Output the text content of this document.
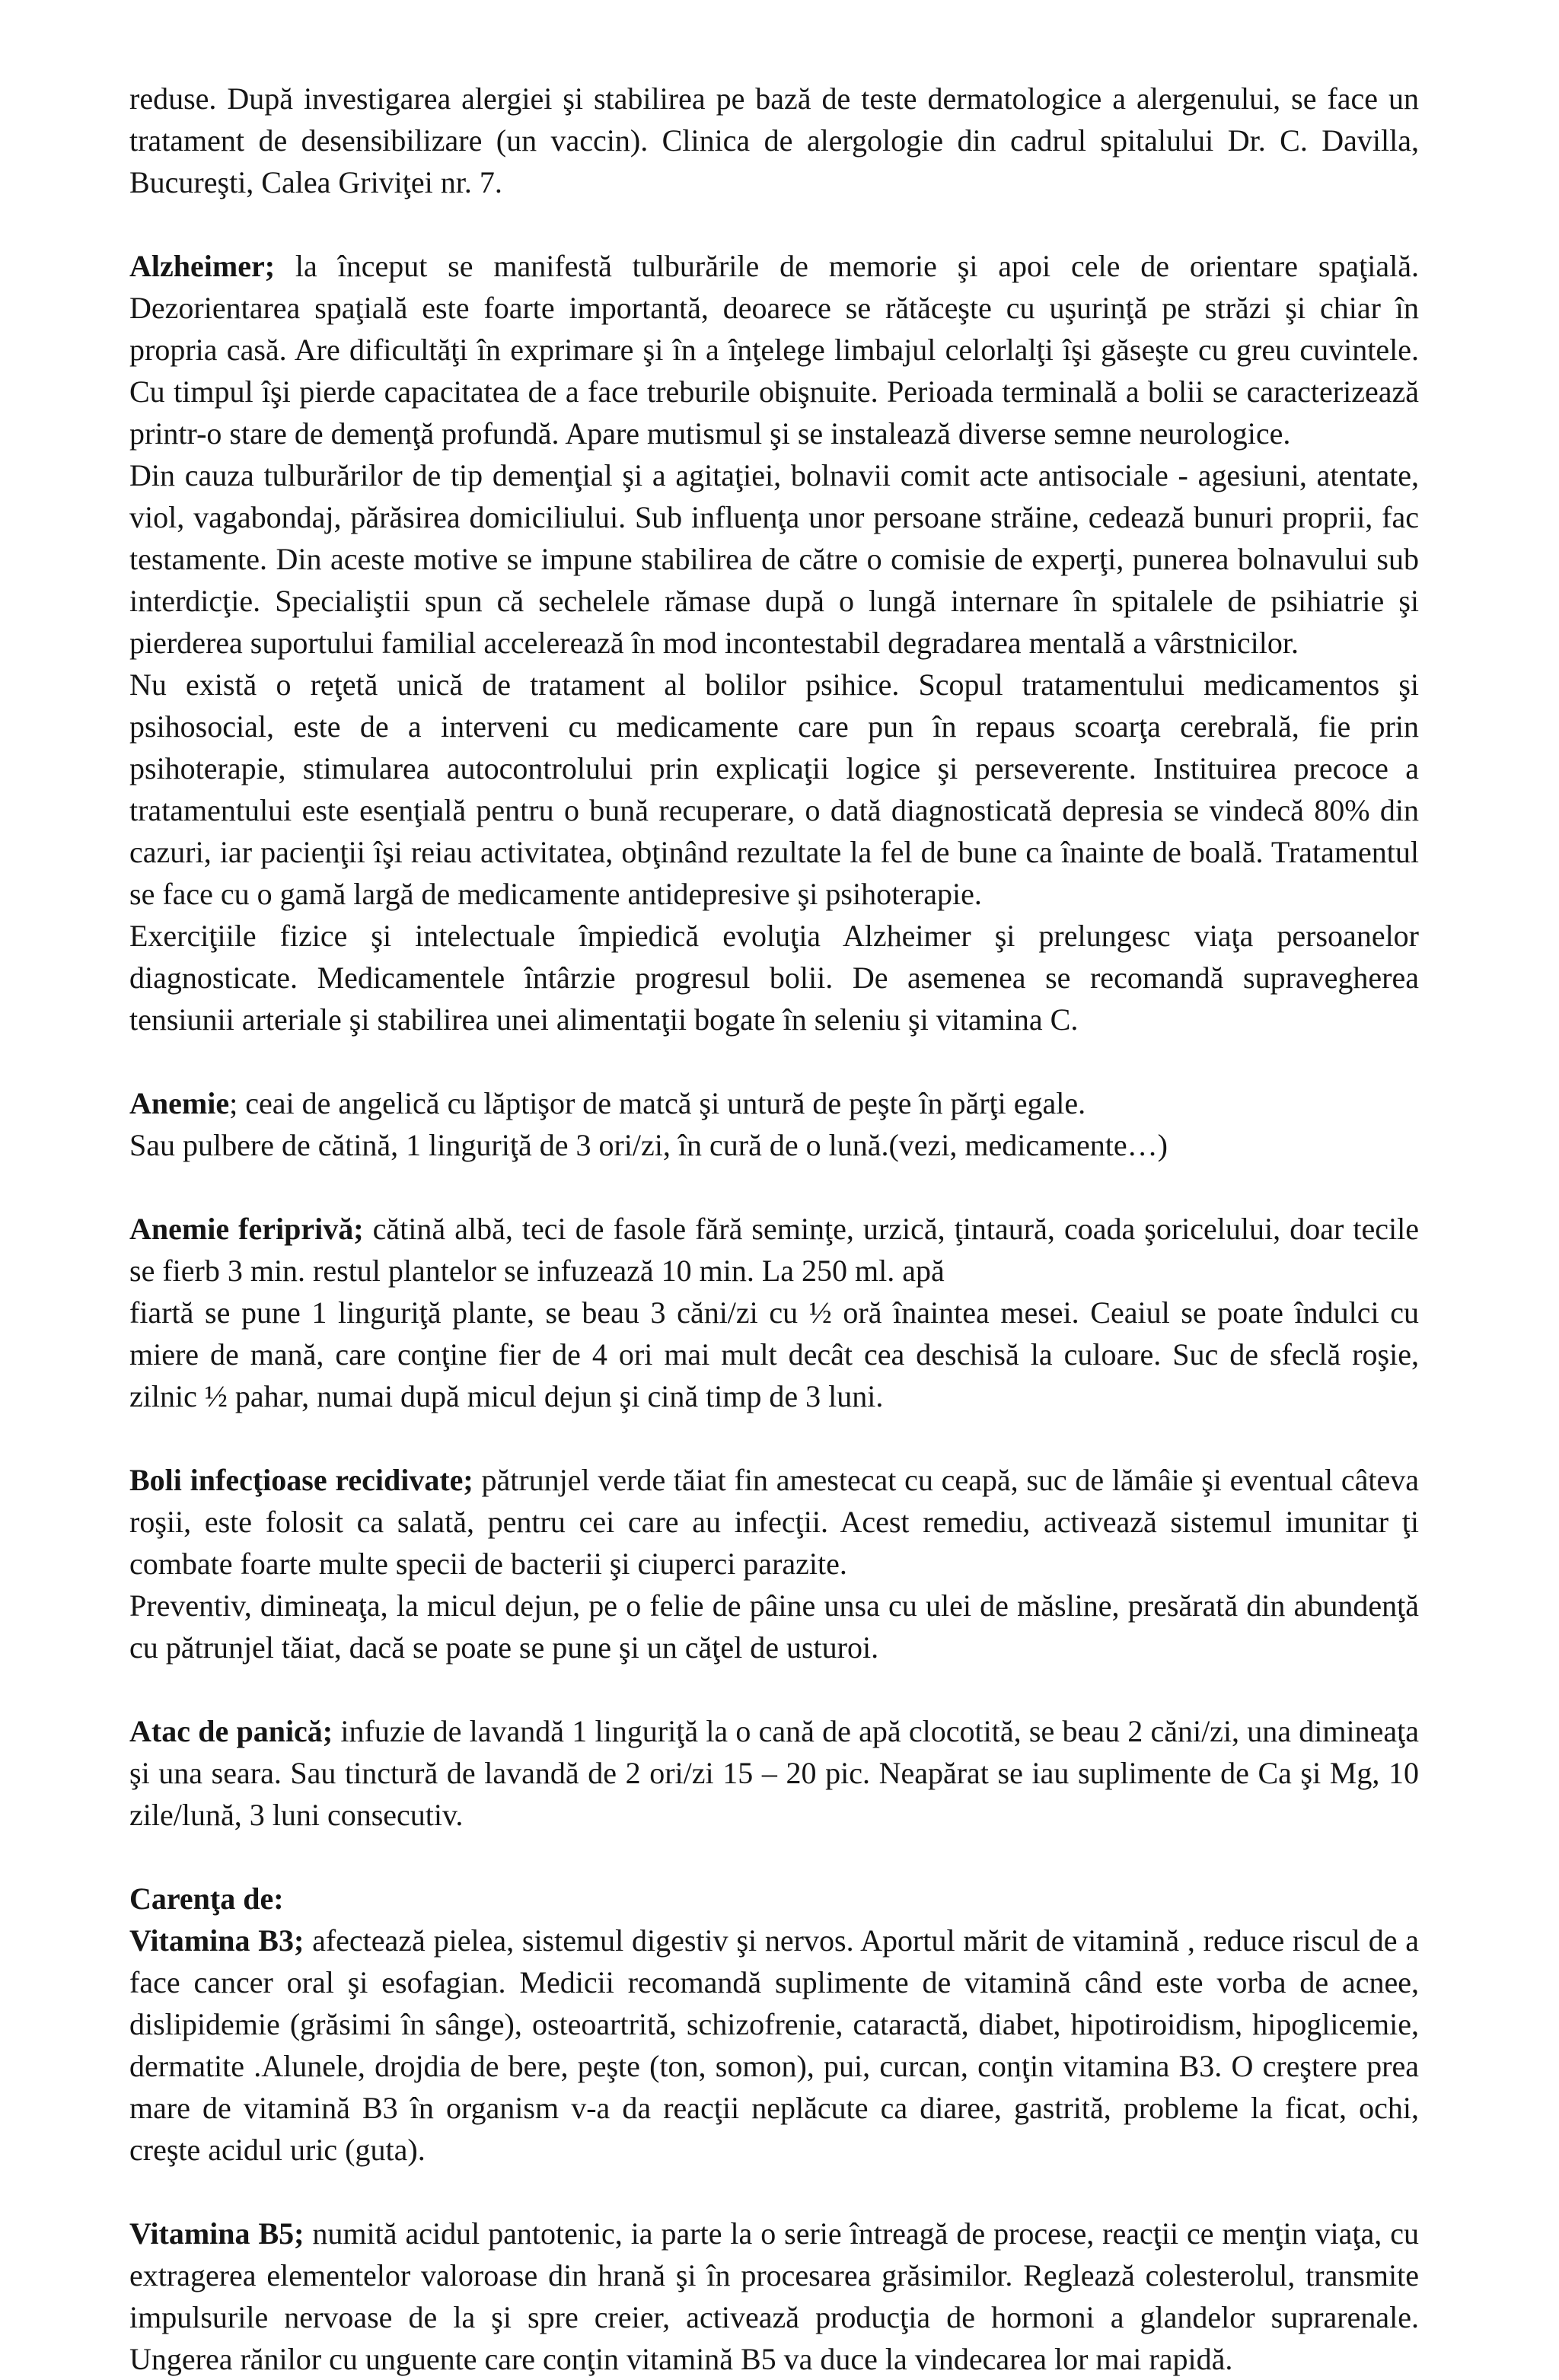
reduse. După investigarea alergiei şi stabilirea pe bază de teste dermatologice a alergenului, se face un tratament de desensibilizare (un vaccin). Clinica de alergologie din cadrul spitalului Dr. C. Davilla, Bucureşti, Calea Griviţei nr. 7.

Alzheimer; la început se manifestă tulburările de memorie şi apoi cele de orientare spaţială. Dezorientarea spaţială este foarte importantă, deoarece se rătăceşte cu uşurinţă pe străzi şi chiar în propria casă. Are dificultăţi în exprimare şi în a înţelege limbajul celorlalţi îşi găseşte cu greu cuvintele. Cu timpul îşi pierde capacitatea de a face treburile obişnuite. Perioada terminală a bolii se caracterizează printr-o stare de demenţă profundă. Apare mutismul şi se instalează diverse semne neurologice.

Din cauza tulburărilor de tip demenţial şi a agitaţiei, bolnavii comit acte antisociale - agesiuni, atentate, viol, vagabondaj, părăsirea domiciliului. Sub influenţa unor persoane străine, cedează bunuri proprii, fac testamente. Din aceste motive se impune stabilirea de către o comisie de experţi, punerea bolnavului sub interdicţie. Specialiştii spun că sechelele rămase după o lungă internare în spitalele de psihiatrie şi pierderea suportului familial accelerează în mod incontestabil degradarea mentală a vârstnicilor.

Nu există o reţetă unică de tratament al bolilor psihice. Scopul tratamentului medicamentos şi psihosocial, este de a interveni cu medicamente care pun în repaus scoarţa cerebrală, fie prin psihoterapie, stimularea autocontrolului prin explicaţii logice şi perseverente. Instituirea precoce a tratamentului este esenţială pentru o bună recuperare, o dată diagnosticată depresia se vindecă 80% din cazuri, iar pacienţii îşi reiau activitatea, obţinând rezultate la fel de bune ca înainte de boală. Tratamentul se face cu o gamă largă de medicamente antidepresive şi psihoterapie.

Exerciţiile fizice şi intelectuale împiedică evoluţia Alzheimer şi prelungesc viaţa persoanelor diagnosticate. Medicamentele întârzie progresul bolii. De asemenea se recomandă supravegherea tensiunii arteriale şi stabilirea unei alimentaţii bogate în seleniu şi vitamina C.

Anemie; ceai de angelică cu lăptişor de matcă şi untură de peşte în părţi egale.

Sau pulbere de cătină, 1 linguriţă de 3 ori/zi, în cură de o lună.(vezi, medicamente…)

Anemie feriprivă; cătină albă, teci de fasole fără seminţe, urzică, ţintaură, coada şoricelului, doar tecile se fierb 3 min. restul plantelor se infuzează 10 min. La 250 ml. apă

fiartă se pune 1 linguriţă plante, se beau 3 căni/zi cu ½ oră înaintea mesei. Ceaiul se poate îndulci cu miere de mană, care conţine fier de 4 ori mai mult decât cea deschisă la culoare. Suc de sfeclă roşie, zilnic ½ pahar, numai după micul dejun şi cină timp de 3 luni.

Boli infecţioase recidivate; pătrunjel verde tăiat fin amestecat cu ceapă, suc de lămâie şi eventual câteva roşii, este folosit ca salată, pentru cei care au infecţii. Acest remediu, activează sistemul imunitar ţi combate foarte multe specii de bacterii şi ciuperci parazite.

Preventiv, dimineaţa, la micul dejun, pe o felie de pâine unsa cu ulei de măsline, presărată din abundenţă cu pătrunjel tăiat, dacă se poate se pune şi un căţel de usturoi.

Atac de panică; infuzie de lavandă 1 linguriţă la o cană de apă clocotită, se beau 2 căni/zi, una dimineaţa şi una seara. Sau tinctură de lavandă de 2 ori/zi 15 – 20 pic. Neapărat se iau suplimente de Ca şi Mg, 10 zile/lună, 3 luni consecutiv.

Carenţa de:

Vitamina B3; afectează pielea, sistemul digestiv şi nervos. Aportul mărit de vitamină , reduce riscul de a face cancer oral şi esofagian. Medicii recomandă suplimente de vitamină când este vorba de acnee, dislipidemie (grăsimi în sânge), osteoartrită, schizofrenie, cataractă, diabet, hipotiroidism, hipoglicemie, dermatite .Alunele, drojdia de bere, peşte (ton, somon), pui, curcan, conţin vitamina B3. O creştere prea mare de vitamină B3 în organism v-a da reacţii neplăcute ca diaree, gastrită, probleme la ficat, ochi, creşte acidul uric (guta).

Vitamina B5; numită acidul pantotenic, ia parte la o serie întreagă de procese, reacţii ce menţin viaţa, cu extragerea elementelor valoroase din hrană şi în procesarea grăsimilor. Reglează colesterolul, transmite impulsurile nervoase de la şi spre creier, activează producţia de hormoni a glandelor suprarenale. Ungerea rănilor cu unguente care conţin vitamină B5 va duce la vindecarea lor mai rapidă.
